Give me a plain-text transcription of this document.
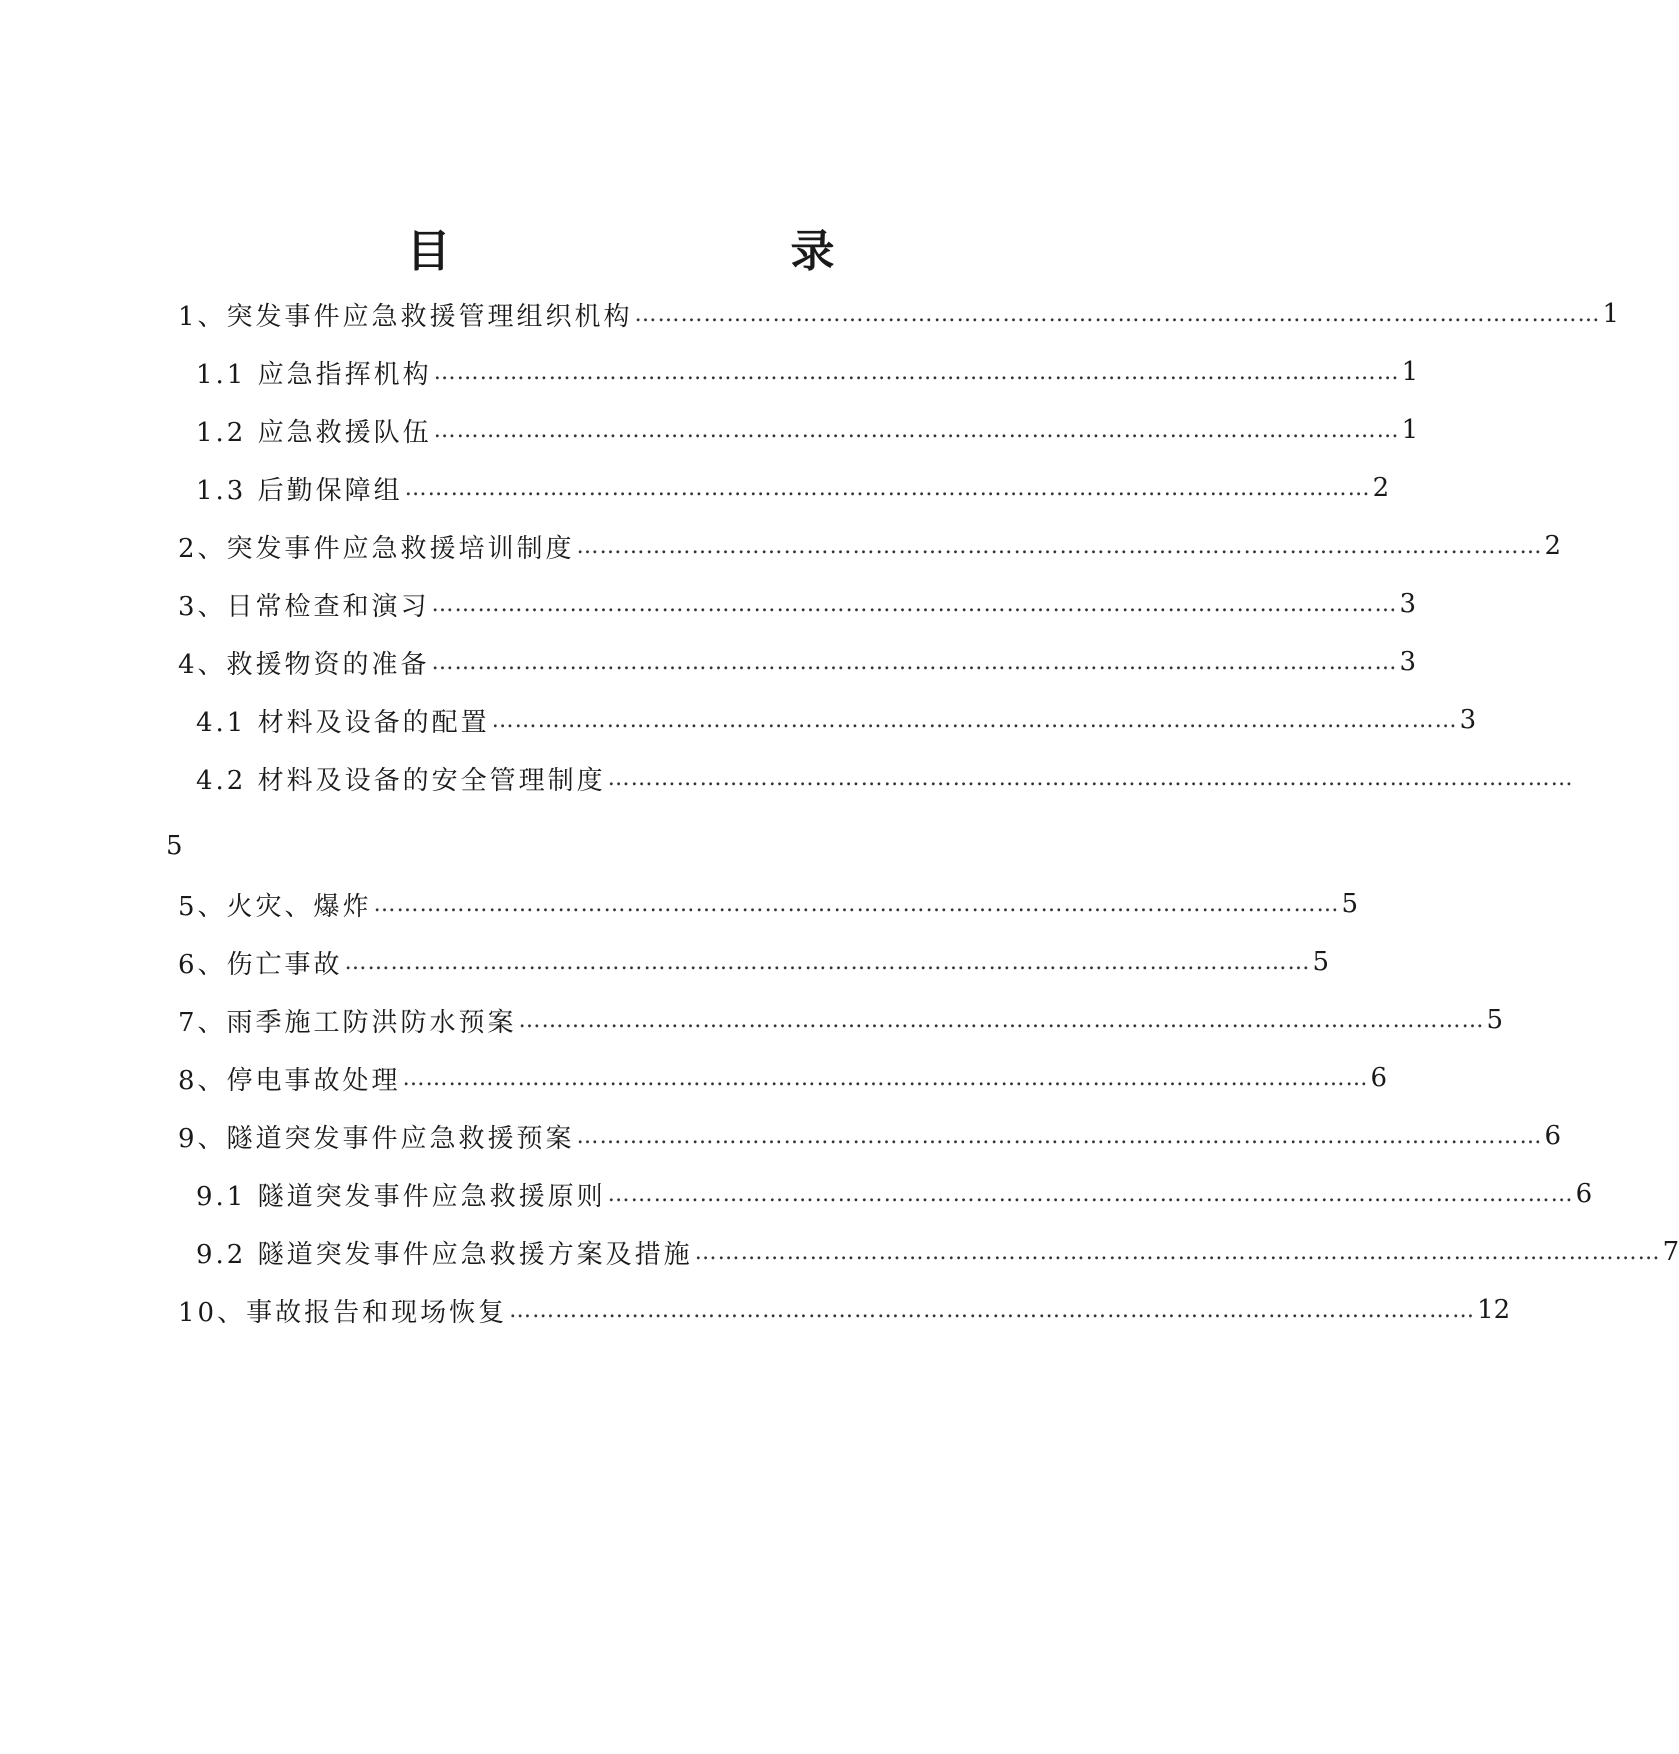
目　　录
1、突发事件应急救援管理组织机构 ……………………………………………………………………………………………………………… 1
1.1 应急指挥机构 ……………………………………………………………………………………………………………… 1
1.2 应急救援队伍 ……………………………………………………………………………………………………………… 1
1.3 后勤保障组 ……………………………………………………………………………………………………………… 2
2、突发事件应急救援培训制度 ……………………………………………………………………………………………………………… 2
3、日常检查和演习 ……………………………………………………………………………………………………………… 3
4、救援物资的准备 ……………………………………………………………………………………………………………… 3
4.1 材料及设备的配置 ……………………………………………………………………………………………………………… 3
4.2 材料及设备的安全管理制度 ………………………………………………………………………………………………………………
5
5、火灾、爆炸 ……………………………………………………………………………………………………………… 5
6、伤亡事故 ……………………………………………………………………………………………………………… 5
7、雨季施工防洪防水预案 ……………………………………………………………………………………………………………… 5
8、停电事故处理 ……………………………………………………………………………………………………………… 6
9、隧道突发事件应急救援预案 ……………………………………………………………………………………………………………… 6
9.1 隧道突发事件应急救援原则 ……………………………………………………………………………………………………………… 6
9.2 隧道突发事件应急救援方案及措施 ……………………………………………………………………………………………………………… 7
10、事故报告和现场恢复 ……………………………………………………………………………………………………………… 12
